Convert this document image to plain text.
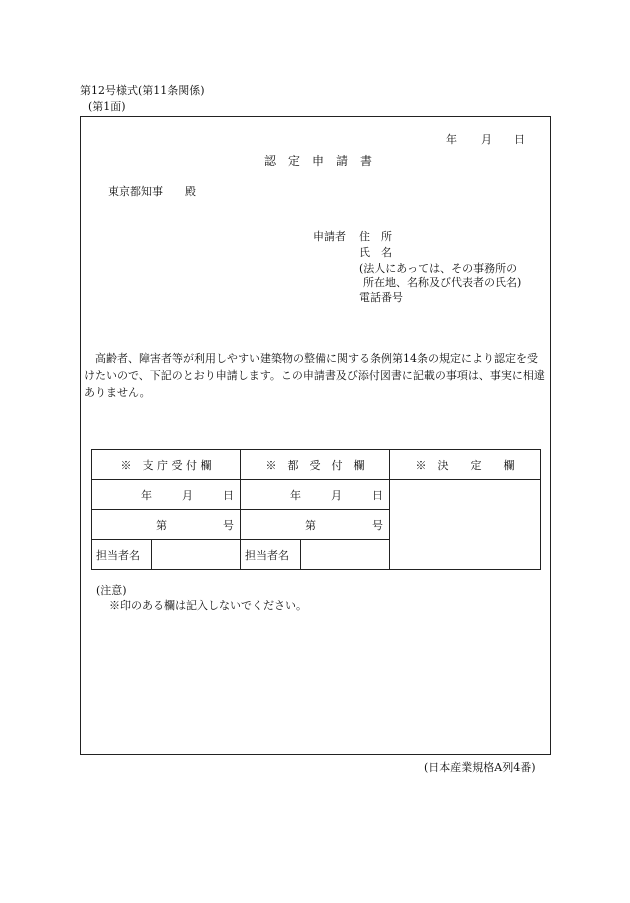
第12号様式(第11条関係)
(第1面)
年 月 日
認　定　申　請　書
東京都知事　　殿
申請者 住　所
氏　名
(法人にあっては、その事務所の
所在地、名称及び代表者の氏名)
電話番号
　高齢者、障害者等が利用しやすい建築物の整備に関する条例第14条の規定により認定を受けたいので、下記のとおり申請します。この申請書及び添付図書に記載の事項は、事実に相違ありません。
※　支 庁 受 付 欄		※　都　受　付　欄		※　決　　定　　欄

年 月 日		年 月 日		

第 号		第 号		

担当者名		担当者名		
(注意)
※印のある欄は記入しないでください。
(日本産業規格A列4番)
